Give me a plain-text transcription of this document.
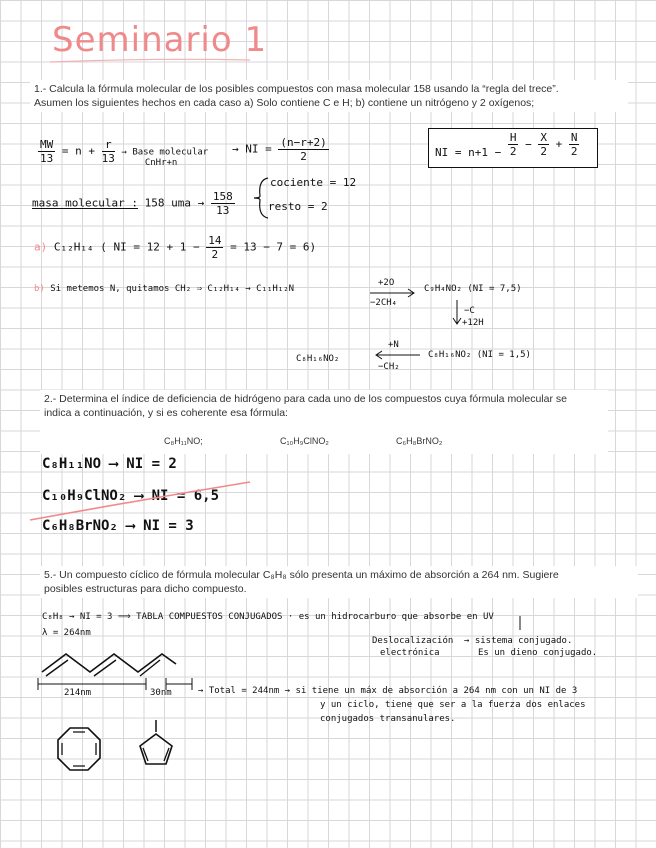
Seminario 1
1.- Calcula la fórmula molecular de los posibles compuestos con masa molecular 158 usando la “regla del trece”.
Asumen los siguientes hechos en cada caso a) Solo contiene C e H; b) contiene un nitrógeno y 2 oxígenos;
$\frac{MW}{13} = n + \frac{r}{13}$ → Base molecular $_{CnHr+n}$
→ NI = $\frac{(n-r+2)}{2}$	NI = $n+1 - \frac{H}{2} - \frac{X}{2} + \frac{N}{2}$
masa molecular : 158 uma → $\frac{158}{13}$
cociente = 12
resto = 2
a) C₁₂H₁₄ ( NI = $12 + 1 - \frac{14}{2} = 13 - 7 = 6$)
b) Si metemos N, quitamos CH₂ ⇒ C₁₂H₁₄ → C₁₁H₁₂N
+2O
−2CH₄
C₉H₄NO₂ (NI = 7,5)
−C
+12H
C₈H₁₆NO₂
+N
−CH₂
C₈H₁₆NO₂ (NI = 1,5)
2.- Determina el índice de deficiencia de hidrógeno para cada uno de los compuestos cuya fórmula molecular se
indica a continuación, y si es coherente esa fórmula:
C₈H₁₁NO;	C₁₀H₉ClNO₂	C₆H₈BrNO₂
C₈H₁₁NO ⟶ NI = 2
C₁₀H₉ClNO₂ ⟶ NI = 6,5
C₆H₈BrNO₂ ⟶ NI = 3
5.- Un compuesto cíclico de fórmula molecular C₈H₈ sólo presenta un máximo de absorción a 264 nm. Sugiere
posibles estructuras para dicho compuesto.
C₈H₈ → NI = 3 ⟹ TABLA COMPUESTOS CONJUGADOS · es un hidrocarburo que absorbe en UV
λ = 264nm
Deslocalización
electrónica
→ sistema conjugado.
Es un dieno conjugado.
214nm	30nm	→ Total = 244nm → si tiene un máx de absorción a 264 nm con un NI de 3
y un ciclo, tiene que ser a la fuerza dos enlaces
conjugados transanulares.
